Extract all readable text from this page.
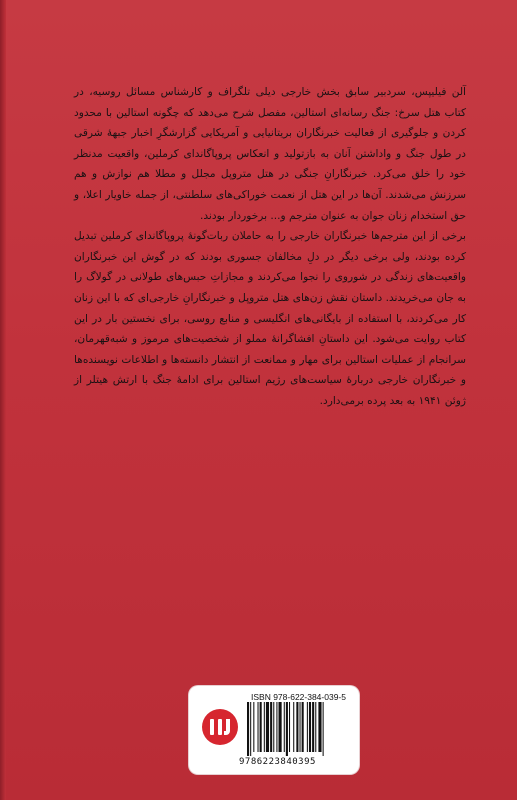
آلن فیلیپس، سردبیر سابق بخش خارجی دیلی تلگراف و کارشناس مسائل روسیه، در کتاب هتل سرخ: جنگ رسانه‌ای استالین، مفصل شرح می‌دهد که چگونه استالین با محدود کردن و جلوگیری از فعالیت خبرنگاران بریتانیایی و آمریکایی گزارشگرِ اخبار جبههٔ شرقی در طول جنگ و واداشتن آنان به بازتولید و انعکاس پروپاگاندای کرملین، واقعیت مدنظر خود را خلق می‌کرد. خبرنگارانِ جنگی در هتل متروپل مجلل و مطلا هم نوازش و هم سرزنش می‌شدند. آن‌ها در این هتل از نعمت خوراکی‌های سلطنتی، از جمله خاویار اعلا، و حق استخدام زنان جوان به عنوان مترجم و... برخوردار بودند.

برخی از این مترجم‌ها خبرنگاران خارجی را به حاملان ربات‌گونهٔ پروپاگاندای کرملین تبدیل کرده بودند، ولی برخی دیگر در دلِ مخالفان جسوری بودند که در گوش این خبرنگاران واقعیت‌های زندگی در شوروی را نجوا می‌کردند و مجازاتِ حبس‌های طولانی در گولاگ را به جان می‌خریدند. داستان نقش زن‌های هتل متروپل و خبرنگارانِ خارجی‌ای که با این زنان کار می‌کردند، با استفاده از بایگانی‌های انگلیسی و منابع روسی، برای نخستین بار در این کتاب روایت می‌شود. این داستانِ افشاگرانهٔ مملو از شخصیت‌های مرموز و شبه‌قهرمان، سرانجام از عملیات استالین برای مهار و ممانعت از انتشار دانسته‌ها و اطلاعات نویسنده‌ها و خبرنگاران خارجی دربارهٔ سیاست‌های رژیم استالین برای ادامهٔ جنگ با ارتش هیتلر از ژوئن ۱۹۴۱ به بعد پرده برمی‌دارد.

ISBN 978-622-384-039-5
9786223840395
